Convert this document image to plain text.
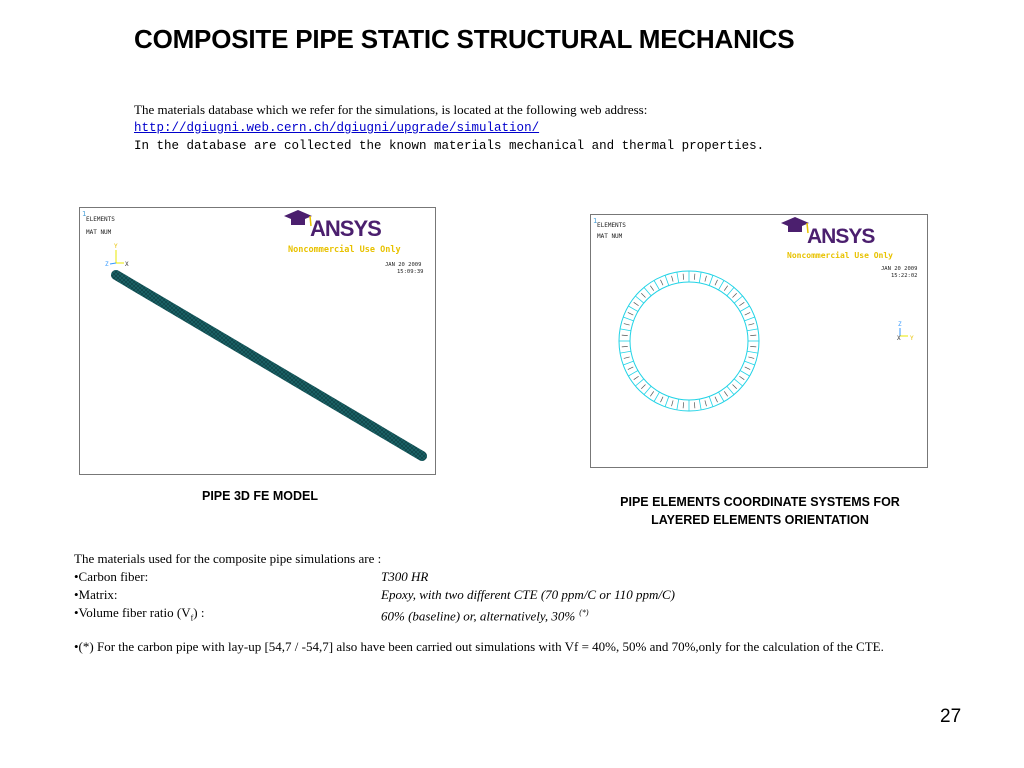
COMPOSITE PIPE STATIC STRUCTURAL MECHANICS
The materials database which we refer for the simulations, is located at the following web address:
http://dgiugni.web.cern.ch/dgiugni/upgrade/simulation/
In the database are collected the known materials mechanical and thermal properties.
1
ELEMENTS
MAT NUM	ANSYS
Noncommercial Use Only
JAN 20 2009
15:09:39
Y
X
Z
PIPE 3D FE MODEL
1
ELEMENTS
MAT NUM	ANSYS
Noncommercial Use Only
JAN 20 2009
15:22:02
Z
X Y
PIPE ELEMENTS COORDINATE SYSTEMS FOR
LAYERED ELEMENTS ORIENTATION
The materials used for the composite pipe simulations are :
•Carbon fiber:	T300 HR
•Matrix:	Epoxy, with two different CTE (70 ppm/C or 110 ppm/C)
•Volume fiber ratio $(V_f)$ :	60% (baseline) or, alternatively, 30% (*)
•(*) For the carbon pipe with lay-up [54,7 / -54,7] also have been carried out simulations with Vf = 40%, 50% and 70%,only for the calculation of the CTE.
27
